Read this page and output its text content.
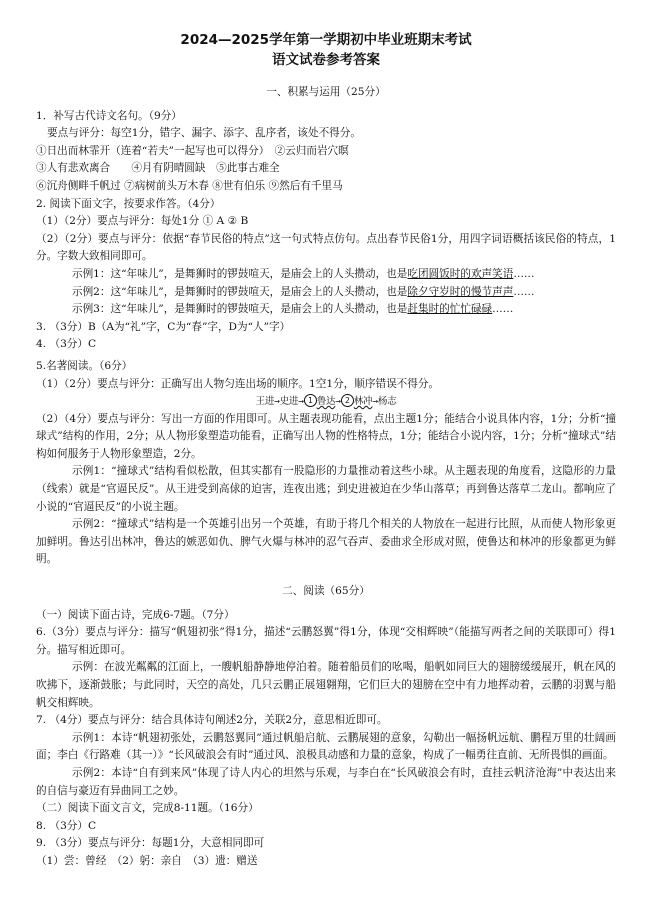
2024—2025学年第一学期初中毕业班期末考试
语文试卷参考答案
一、积累与运用（25分）
1．补写古代诗文名句。（9分）
要点与评分：每空1分，错字、漏字、添字、乱序者，该处不得分。
①日出而林霏开（连着“若夫”一起写也可以得分）　②云归而岩穴暝
③人有悲欢离合　　④月有阴晴圆缺　⑤此事古难全
⑥沉舟侧畔千帆过 ⑦病树前头万木春 ⑧世有伯乐 ⑨然后有千里马
2. 阅读下面文字，按要求作答。（4分）
（1）（2分）要点与评分：每处1分 ① A ② B
（2）（2分）要点与评分：依据“春节民俗的特点”这一句式特点仿句。点出春节民俗1分，用四字词语概括该民俗的特点，1分。字数大致相同即可。
示例1：这“年味儿”，是舞狮时的锣鼓喧天，是庙会上的人头攒动，也是吃团圆饭时的欢声笑语……
示例2：这“年味儿”，是舞狮时的锣鼓喧天，是庙会上的人头攒动，也是除夕守岁时的慢节声声……
示例3：这“年味儿”，是舞狮时的锣鼓喧天，是庙会上的人头攒动，也是赶集时的忙忙碌碌……
3. （3分）B（A为“礼”字，C为“春”字，D为“人”字）
4. （3分）C
5.名著阅读。（6分）
（1）（2分）要点与评分：正确写出人物匀连出场的顺序。1空1分，顺序错误不得分。
王进→史进→ 1 鲁达→ 2 林冲→杨志
（2）（4分）要点与评分：写出一方面的作用即可。从主题表现功能看，点出主题1分；能结合小说具体内容，1分；分析“撞球式”结构的作用，2分；从人物形象塑造功能看，正确写出人物的性格特点，1分；能结合小说内容，1分；分析“撞球式”结构如何服务于人物形象塑造，2分。
示例1：“撞球式”结构看似松散，但其实都有一股隐形的力量推动着这些小球。从主题表现的角度看，这隐形的力量（线索）就是“官逼民反”。从王进受到高俅的迫害，连夜出逃；到史进被迫在少华山落草；再到鲁达落草二龙山。都响应了小说的“官逼民反”的小说主题。
示例2：“撞球式”结构是一个英雄引出另一个英雄，有助于将几个相关的人物放在一起进行比照，从而使人物形象更加鲜明。鲁达引出林冲，鲁达的嫉恶如仇、脾气火爆与林冲的忍气吞声、委曲求全形成对照，使鲁达和林冲的形象都更为鲜明。
二、阅读（65分）
（一）阅读下面古诗，完成6-7题。（7分）
6.（3分）要点与评分：描写“帆翅初张”得1分，描述“云鹏怒翼”得1分，体现“交相辉映”（能描写两者之间的关联即可）得1分。描写相近即可。
示例：在波光粼粼的江面上，一艘帆船静静地停泊着。随着船员们的吆喝，船帆如同巨大的翅膀缓缓展开，帆在风的吹拂下，逐渐鼓胀；与此同时，天空的高处，几只云鹏正展翅翱翔，它们巨大的翅膀在空中有力地挥动着，云鹏的羽翼与船帆交相辉映。
7. （4分）要点与评分：结合具体诗句阐述2分，关联2分，意思相近即可。
示例1：本诗“帆翅初张处，云鹏怒翼同”通过帆船启航、云鹏展翅的意象，勾勒出一幅扬帆远航、鹏程万里的壮阔画面；李白《行路难（其一）》“长风破浪会有时”通过风、浪极具动感和力量的意象，构成了一幅勇往直前、无所畏惧的画面。
示例2：本诗“自有到来风”体现了诗人内心的坦然与乐观，与李白在“长风破浪会有时，直挂云帆济沧海”中表达出来的自信与豪迈有异曲同工之妙。
（二）阅读下面文言文，完成8-11题。（16分）
8. （3分）C
9. （3分）要点与评分：每题1分，大意相同即可
（1）尝：曾经　（2）躬：亲自　（3）遗：赠送
